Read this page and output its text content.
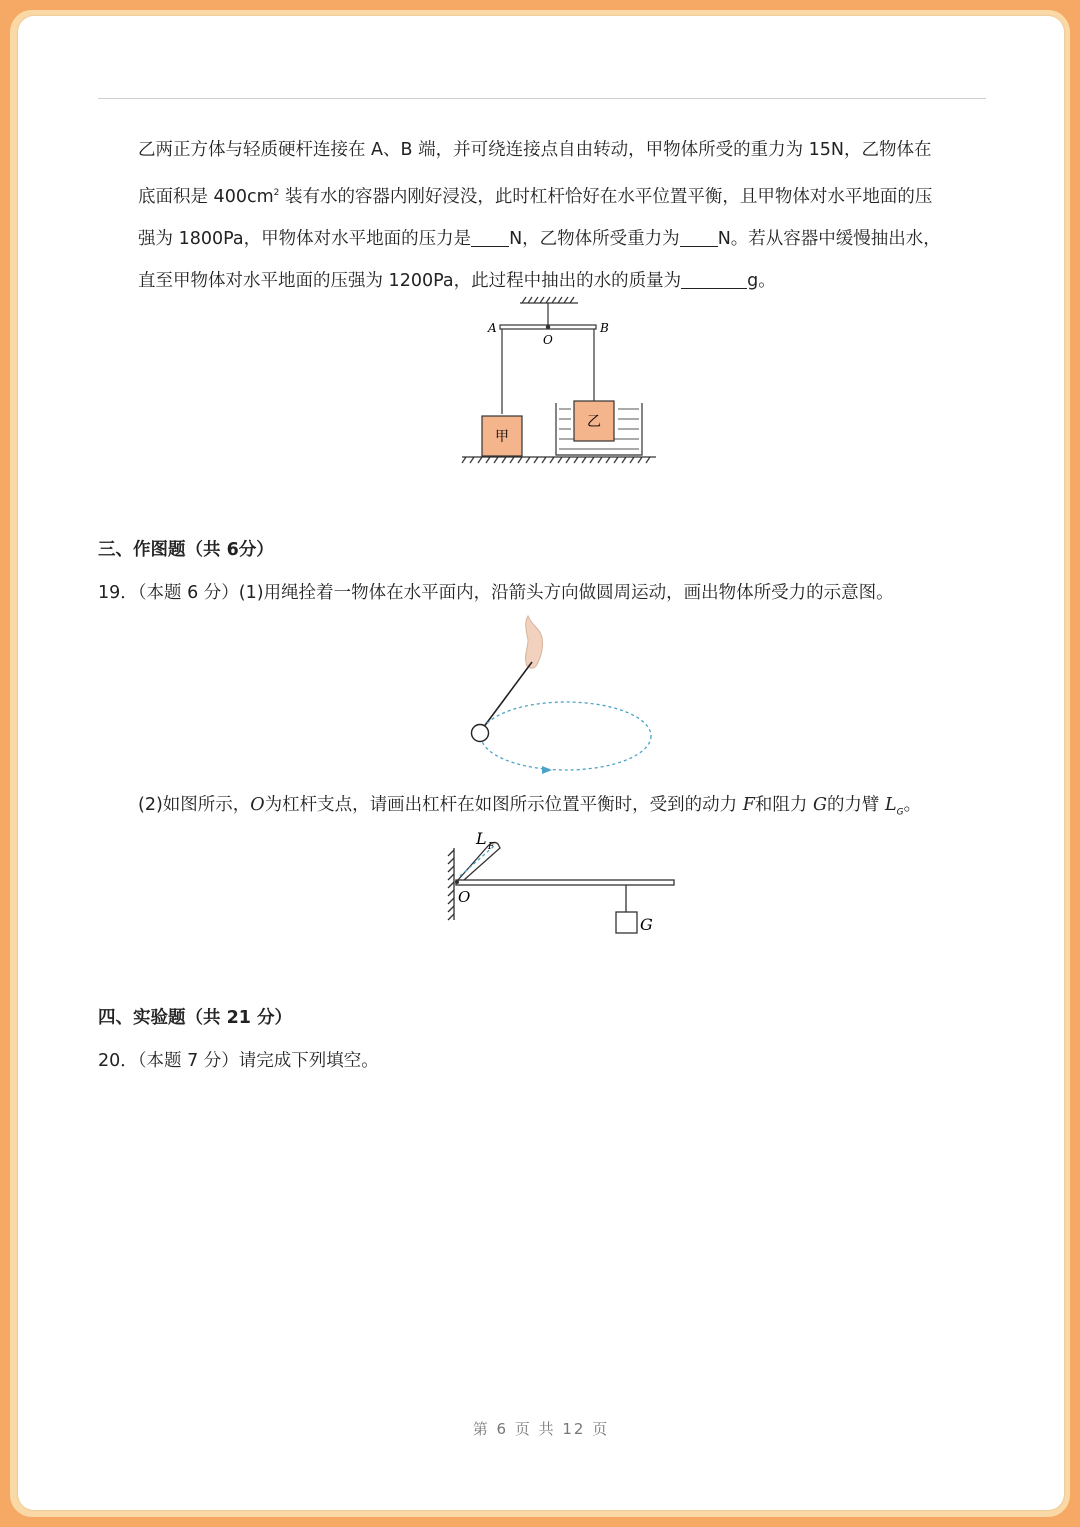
乙两正方体与轻质硬杆连接在 A、B 端，并可绕连接点自由转动，甲物体所受的重力为 15N，乙物体在
底面积是 $400cm^2$ 装有水的容器内刚好浸没，此时杠杆恰好在水平位置平衡，且甲物体对水平地面的压
强为 1800Pa，甲物体对水平地面的压力是 N，乙物体所受重力为 N。若从容器中缓慢抽出水，
直至甲物体对水平地面的压强为 1200Pa，此过程中抽出的水的质量为	g。
甲
乙
A	B
O
三、作图题（共 6分）
19．（本题 6 分）(1)用绳拴着一物体在水平面内，沿箭头方向做圆周运动，画出物体所受力的示意图。
(2)如图所示，O为杠杆支点，请画出杠杆在如图所示位置平衡时，受到的动力 F和阻力 G的力臂 $L_G$。
L F
O
G
四、实验题（共 21 分）
20．（本题 7 分）请完成下列填空。
第 6 页 共 12 页
